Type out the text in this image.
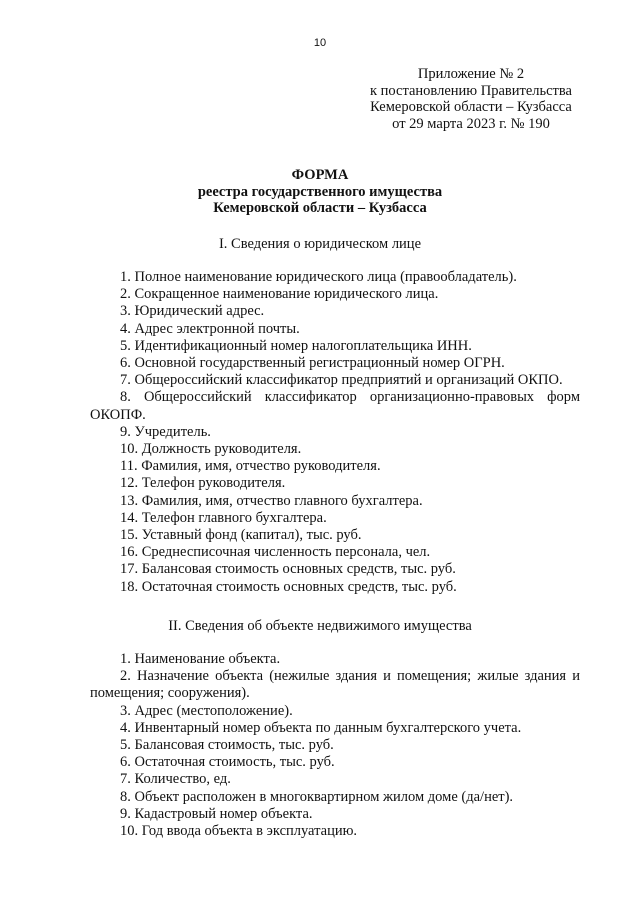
10
Приложение № 2
к постановлению Правительства
Кемеровской области – Кузбасса
от 29 марта 2023 г. № 190
ФОРМА
реестра государственного имущества
Кемеровской области – Кузбасса
I. Сведения о юридическом лице
1. Полное наименование юридического лица (правообладатель).
2. Сокращенное наименование юридического лица.
3. Юридический адрес.
4. Адрес электронной почты.
5. Идентификационный номер налогоплательщика ИНН.
6. Основной государственный регистрационный номер ОГРН.
7. Общероссийский классификатор предприятий и организаций ОКПО.
8. Общероссийский классификатор организационно-правовых форм ОКОПФ.
9. Учредитель.
10. Должность руководителя.
11. Фамилия, имя, отчество руководителя.
12. Телефон руководителя.
13. Фамилия, имя, отчество главного бухгалтера.
14. Телефон главного бухгалтера.
15. Уставный фонд (капитал), тыс. руб.
16. Среднесписочная численность персонала, чел.
17. Балансовая стоимость основных средств, тыс. руб.
18. Остаточная стоимость основных средств, тыс. руб.
II. Сведения об объекте недвижимого имущества
1. Наименование объекта.
2. Назначение объекта (нежилые здания и помещения; жилые здания и помещения; сооружения).
3. Адрес (местоположение).
4. Инвентарный номер объекта по данным бухгалтерского учета.
5. Балансовая стоимость, тыс. руб.
6. Остаточная стоимость, тыс. руб.
7. Количество, ед.
8. Объект расположен в многоквартирном жилом доме (да/нет).
9. Кадастровый номер объекта.
10. Год ввода объекта в эксплуатацию.
